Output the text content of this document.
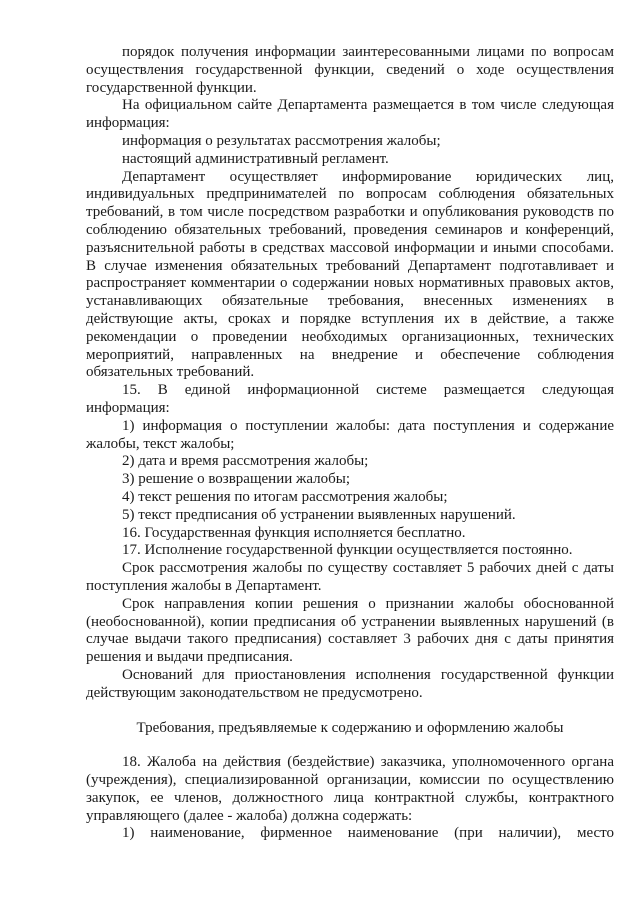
порядок получения информации заинтересованными лицами по вопросам осуществления государственной функции, сведений о ходе осуществления государственной функции.

На официальном сайте Департамента размещается в том числе следующая информация:

информация о результатах рассмотрения жалобы;

настоящий административный регламент.

Департамент осуществляет информирование юридических лиц, индивидуальных предпринимателей по вопросам соблюдения обязательных требований, в том числе посредством разработки и опубликования руководств по соблюдению обязательных требований, проведения семинаров и конференций, разъяснительной работы в средствах массовой информации и иными способами. В случае изменения обязательных требований Департамент подготавливает и распространяет комментарии о содержании новых нормативных правовых актов, устанавливающих обязательные требования, внесенных изменениях в действующие акты, сроках и порядке вступления их в действие, а также рекомендации о проведении необходимых организационных, технических мероприятий, направленных на внедрение и обеспечение соблюдения обязательных требований.

15. В единой информационной системе размещается следующая информация:

1) информация о поступлении жалобы: дата поступления и содержание жалобы, текст жалобы;

2) дата и время рассмотрения жалобы;

3) решение о возвращении жалобы;

4) текст решения по итогам рассмотрения жалобы;

5) текст предписания об устранении выявленных нарушений.

16. Государственная функция исполняется бесплатно.

17. Исполнение государственной функции осуществляется постоянно.

Срок рассмотрения жалобы по существу составляет 5 рабочих дней с даты поступления жалобы в Департамент.

Срок направления копии решения о признании жалобы обоснованной (необоснованной), копии предписания об устранении выявленных нарушений (в случае выдачи такого предписания) составляет 3 рабочих дня с даты принятия решения и выдачи предписания.

Оснований для приостановления исполнения государственной функции действующим законодательством не предусмотрено.

Требования, предъявляемые к содержанию и оформлению жалобы

18. Жалоба на действия (бездействие) заказчика, уполномоченного органа (учреждения), специализированной организации, комиссии по осуществлению закупок, ее членов, должностного лица контрактной службы, контрактного управляющего (далее - жалоба) должна содержать:

1) наименование, фирменное наименование (при наличии), место
